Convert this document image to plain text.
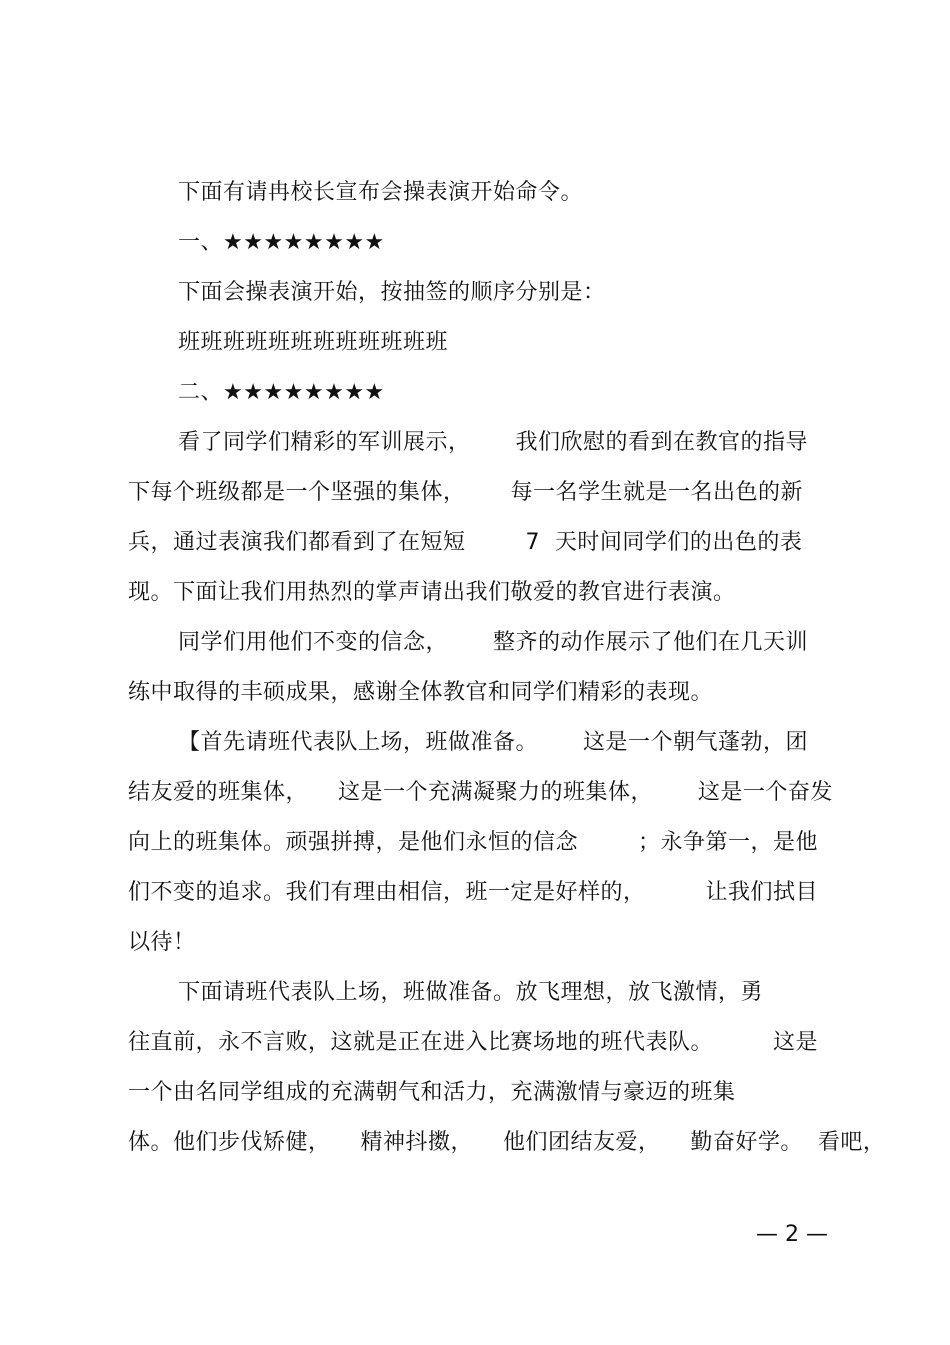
下面有请冉校长宣布会操表演开始命令。
一、★★★★★★★★
下面会操表演开始，按抽签的顺序分别是：
班班班班班班班班班班班班
二、★★★★★★★★
看了同学们精彩的军训展示，      我们欣慰的看到在教官的指导
下每个班级都是一个坚强的集体，      每一名学生就是一名出色的新
兵，通过表演我们都看到了在短短        7  天时间同学们的出色的表
现。下面让我们用热烈的掌声请出我们敬爱的教官进行表演。
同学们用他们不变的信念，      整齐的动作展示了他们在几天训
练中取得的丰硕成果，感谢全体教官和同学们精彩的表现。
【首先请班代表队上场，班做准备。      这是一个朝气蓬勃，团
结友爱的班集体，    这是一个充满凝聚力的班集体，      这是一个奋发
向上的班集体。顽强拼搏，是他们永恒的信念        ；永争第一，是他
们不变的追求。我们有理由相信，班一定是好样的，        让我们拭目
以待！
下面请班代表队上场，班做准备。放飞理想，放飞激情，勇
往直前，永不言败，这就是正在进入比赛场地的班代表队。        这是
一个由名同学组成的充满朝气和活力，充满激情与豪迈的班集
体。他们步伐矫健，    精神抖擞，    他们团结友爱，    勤奋好学。  看吧，
— 2 —
